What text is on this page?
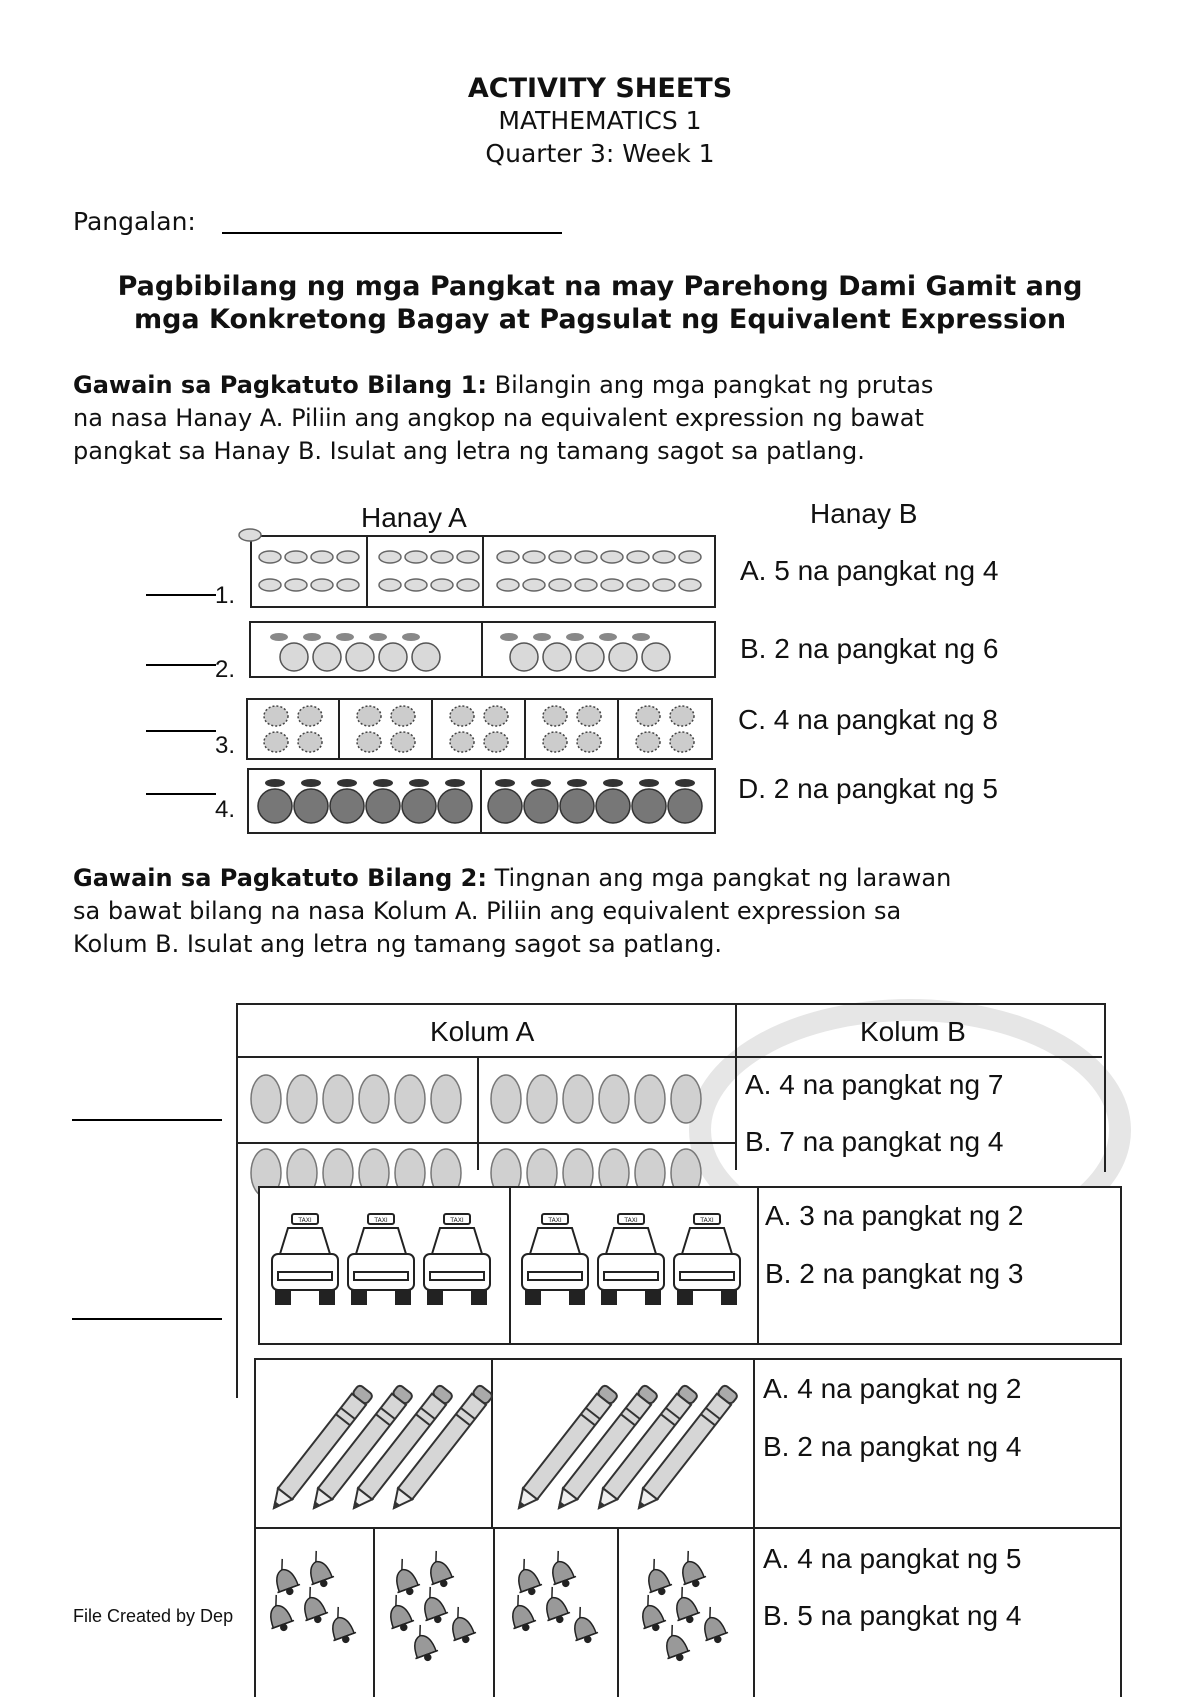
ACTIVITY SHEETS
MATHEMATICS 1
Quarter 3: Week 1
Pangalan:
Pagbibilang ng mga Pangkat na may Parehong Dami Gamit ang
mga Konkretong Bagay at Pagsulat ng Equivalent Expression
Gawain sa Pagkatuto Bilang 1: Bilangin ang mga pangkat ng prutas
na nasa Hanay A. Piliin ang angkop na equivalent expression ng bawat
pangkat sa Hanay B. Isulat ang letra ng tamang sagot sa patlang.
Hanay A	Hanay B
1.
2.
3.
4.
A. 5 na pangkat ng 4
B. 2 na pangkat ng 6
C. 4 na pangkat ng 8
D. 2 na pangkat ng 5
Gawain sa Pagkatuto Bilang 2: Tingnan ang mga pangkat ng larawan
sa bawat bilang na nasa Kolum A. Piliin ang equivalent expression sa
Kolum B. Isulat ang letra ng tamang sagot sa patlang.
Kolum A	Kolum B
A. 4 na pangkat ng 7
B. 7 na pangkat ng 4
TAXI	TAXI	TAXI	TAXI	TAXI	TAXI A. 3 na pangkat ng 2
B. 2 na pangkat ng 3
A. 4 na pangkat ng 2
B. 2 na pangkat ng 4
A. 4 na pangkat ng 5
B. 5 na pangkat ng 4
File Created by Dep
